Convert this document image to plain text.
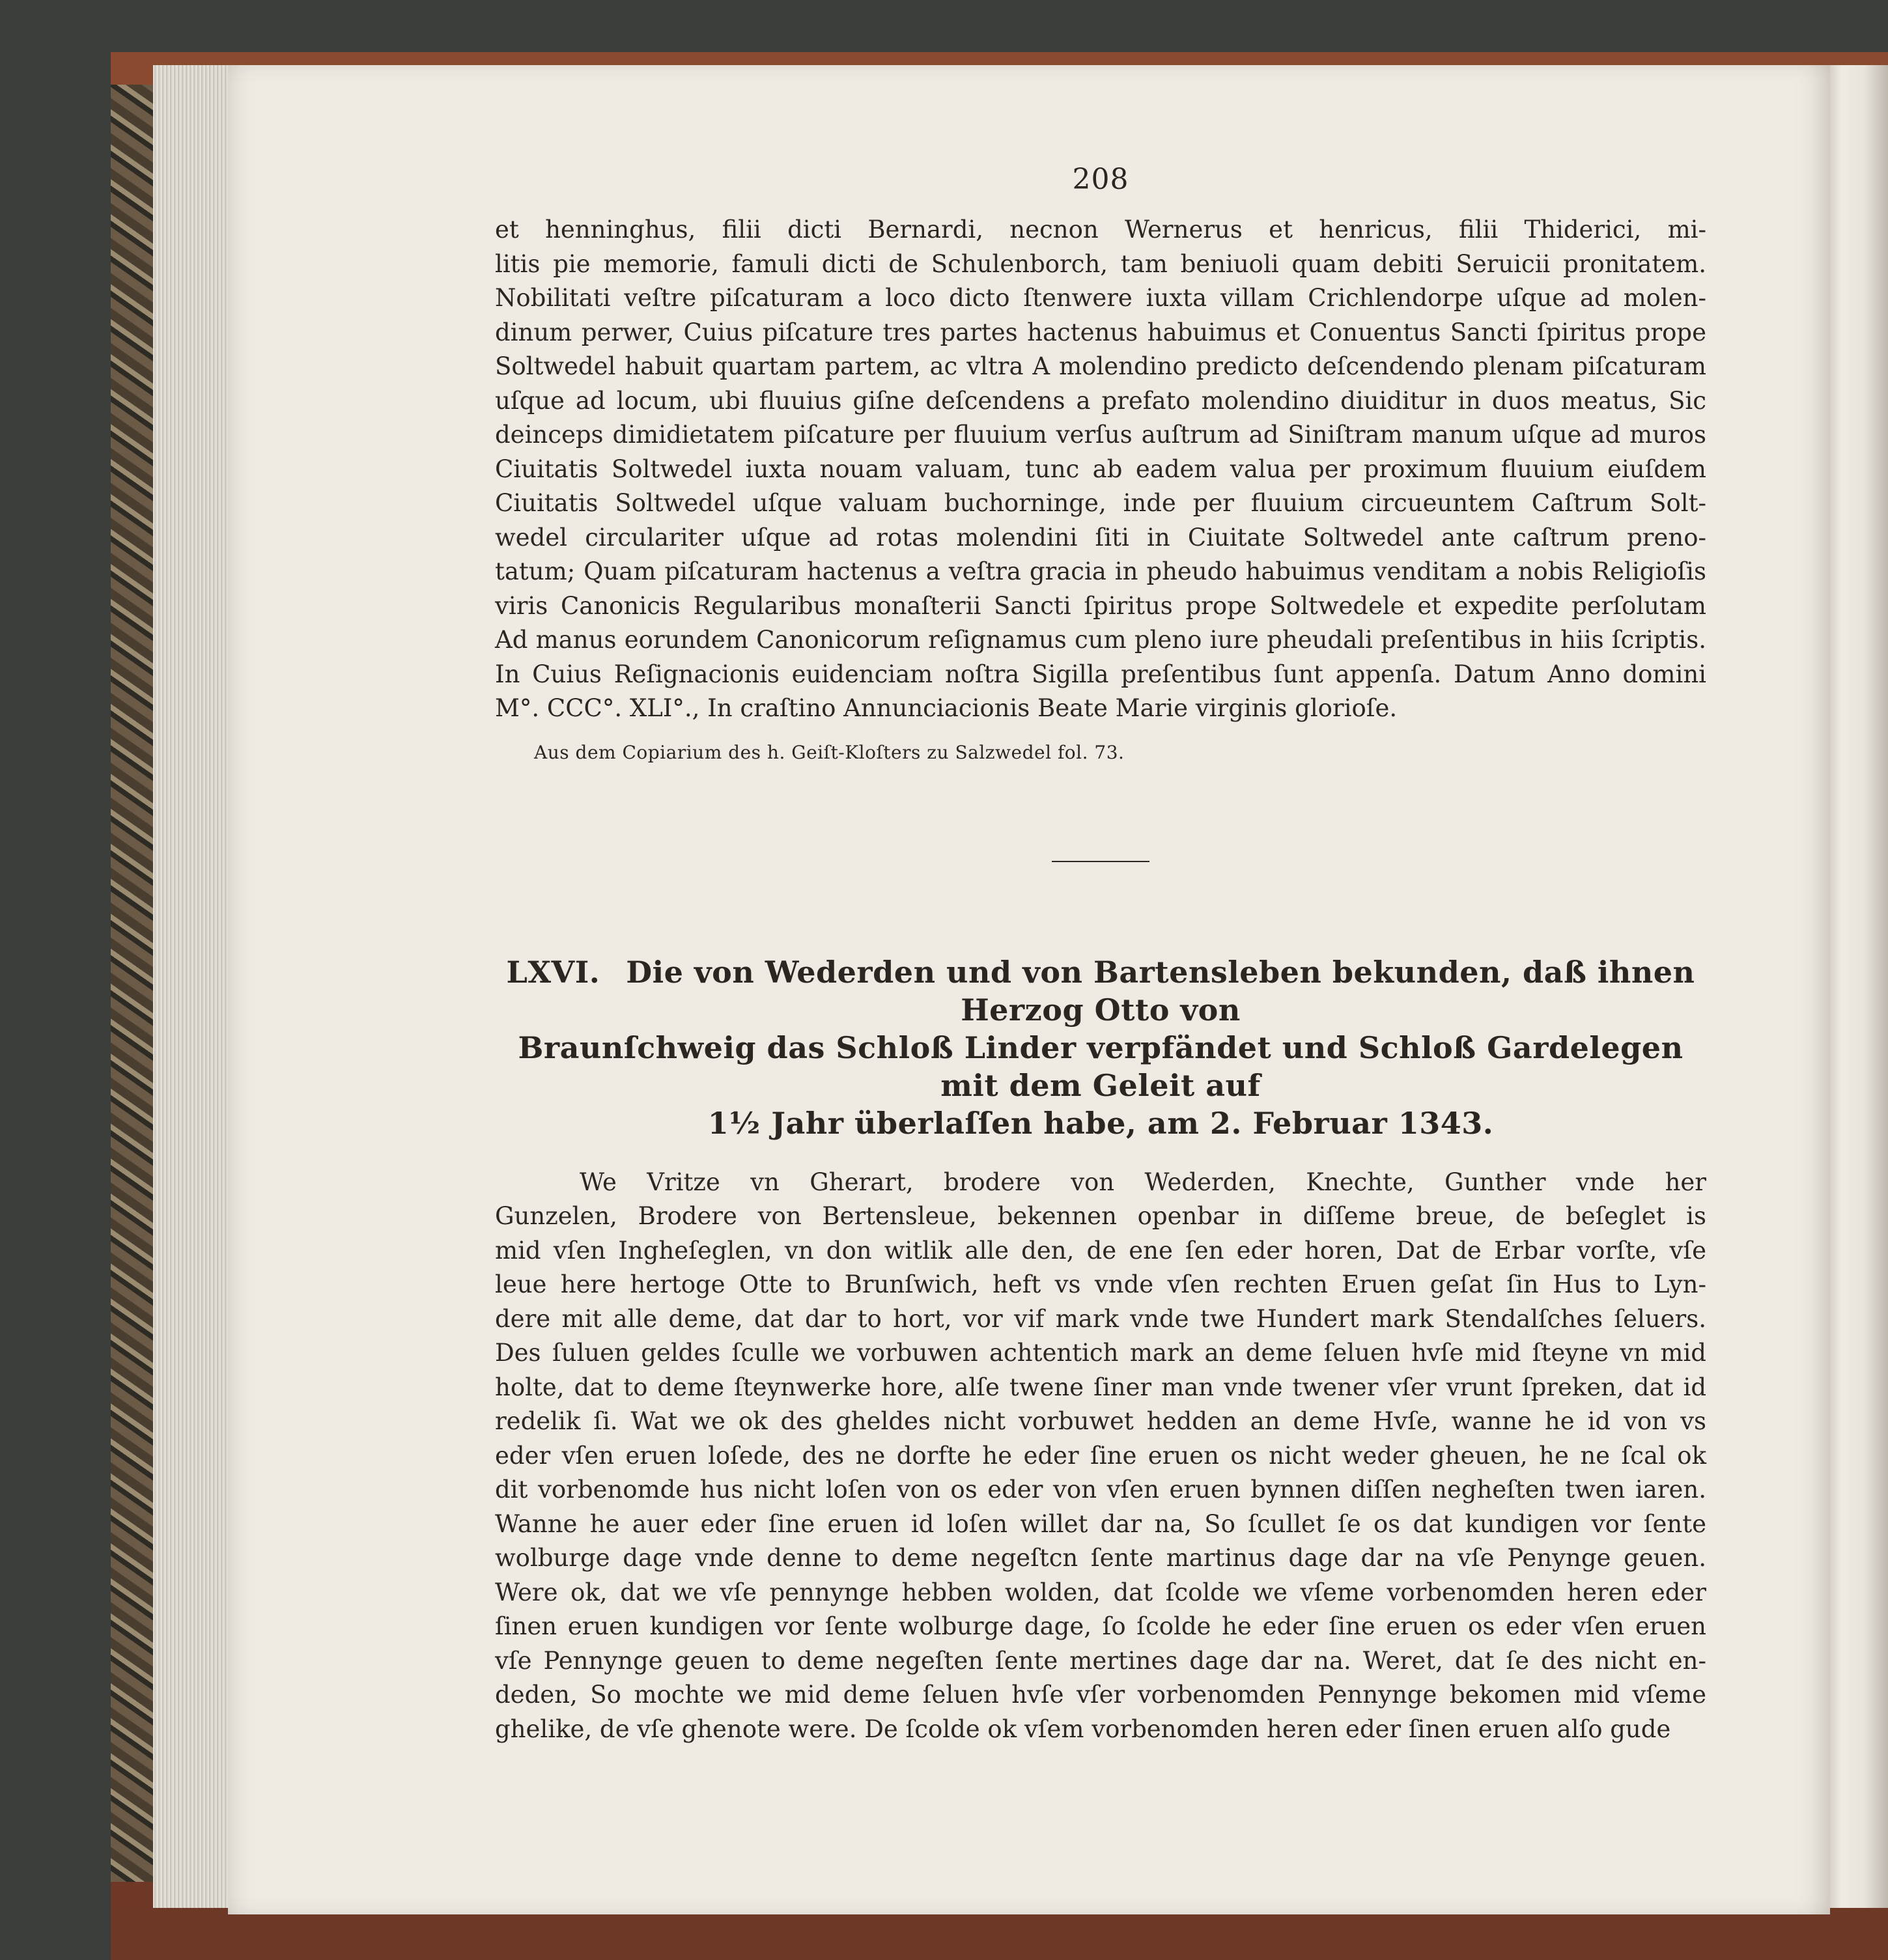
208
et henninghus, filii dicti Bernardi, necnon Wernerus et henricus, filii Thiderici, mi-
litis pie memorie, famuli dicti de Schulenborch, tam beniuoli quam debiti Seruicii pronitatem.
Nobilitati veſtre piſcaturam a loco dicto ſtenwere iuxta villam Crichlendorpe uſque ad molen-
dinum perwer, Cuius piſcature tres partes hactenus habuimus et Conuentus Sancti ſpiritus prope
Soltwedel habuit quartam partem, ac vltra A molendino predicto deſcendendo plenam piſcaturam
uſque ad locum, ubi fluuius giſne deſcendens a prefato molendino diuiditur in duos meatus, Sic
deinceps dimidietatem piſcature per fluuium verſus auſtrum ad Siniſtram manum uſque ad muros
Ciuitatis Soltwedel iuxta nouam valuam, tunc ab eadem valua per proximum fluuium eiuſdem
Ciuitatis Soltwedel uſque valuam buchorninge, inde per fluuium circueuntem Caſtrum Solt-
wedel circulariter uſque ad rotas molendini ſiti in Ciuitate Soltwedel ante caſtrum preno-
tatum; Quam piſcaturam hactenus a veſtra gracia in pheudo habuimus venditam a nobis Religioſis
viris Canonicis Regularibus monaſterii Sancti ſpiritus prope Soltwedele et expedite perſolutam
Ad manus eorundem Canonicorum reſignamus cum pleno iure pheudali preſentibus in hiis ſcriptis.
In Cuius Reſignacionis euidenciam noſtra Sigilla preſentibus ſunt appenſa. Datum Anno domini
M°. CCC°. XLI°., In craſtino Annunciacionis Beate Marie virginis glorioſe.
Aus dem Copiarium des h. Geiſt-Kloſters zu Salzwedel fol. 73.
LXVI. Die von Wederden und von Bartensleben bekunden, daß ihnen Herzog Otto von
Braunſchweig das Schloß Linder verpfändet und Schloß Gardelegen mit dem Geleit auf
1½ Jahr überlaſſen habe, am 2. Februar 1343.
We Vritze vn Gherart, brodere von Wederden, Knechte, Gunther vnde her
Gunzelen, Brodere von Bertensleue, bekennen openbar in diſſeme breue, de beſeglet is
mid vſen Ingheſeglen, vn don witlik alle den, de ene ſen eder horen, Dat de Erbar vorſte, vſe
leue here hertoge Otte to Brunſwich, heft vs vnde vſen rechten Eruen geſat ſin Hus to Lyn-
dere mit alle deme, dat dar to hort, vor vif mark vnde twe Hundert mark Stendalſches ſeluers.
Des ſuluen geldes ſculle we vorbuwen achtentich mark an deme ſeluen hvſe mid ſteyne vn mid
holte, dat to deme ſteynwerke hore, alſe twene ſiner man vnde twener vſer vrunt ſpreken, dat id
redelik ſi. Wat we ok des gheldes nicht vorbuwet hedden an deme Hvſe, wanne he id von vs
eder vſen eruen loſede, des ne dorfte he eder ſine eruen os nicht weder gheuen, he ne ſcal ok
dit vorbenomde hus nicht loſen von os eder von vſen eruen bynnen diſſen negheſten twen iaren.
Wanne he auer eder ſine eruen id loſen willet dar na, So ſcullet ſe os dat kundigen vor ſente
wolburge dage vnde denne to deme negeſtcn ſente martinus dage dar na vſe Penynge geuen.
Were ok, dat we vſe pennynge hebben wolden, dat ſcolde we vſeme vorbenomden heren eder
ſinen eruen kundigen vor ſente wolburge dage, ſo ſcolde he eder ſine eruen os eder vſen eruen
vſe Pennynge geuen to deme negeſten ſente mertines dage dar na. Weret, dat ſe des nicht en-
deden, So mochte we mid deme ſeluen hvſe vſer vorbenomden Pennynge bekomen mid vſeme
ghelike, de vſe ghenote were. De ſcolde ok vſem vorbenomden heren eder ſinen eruen alſo gude
